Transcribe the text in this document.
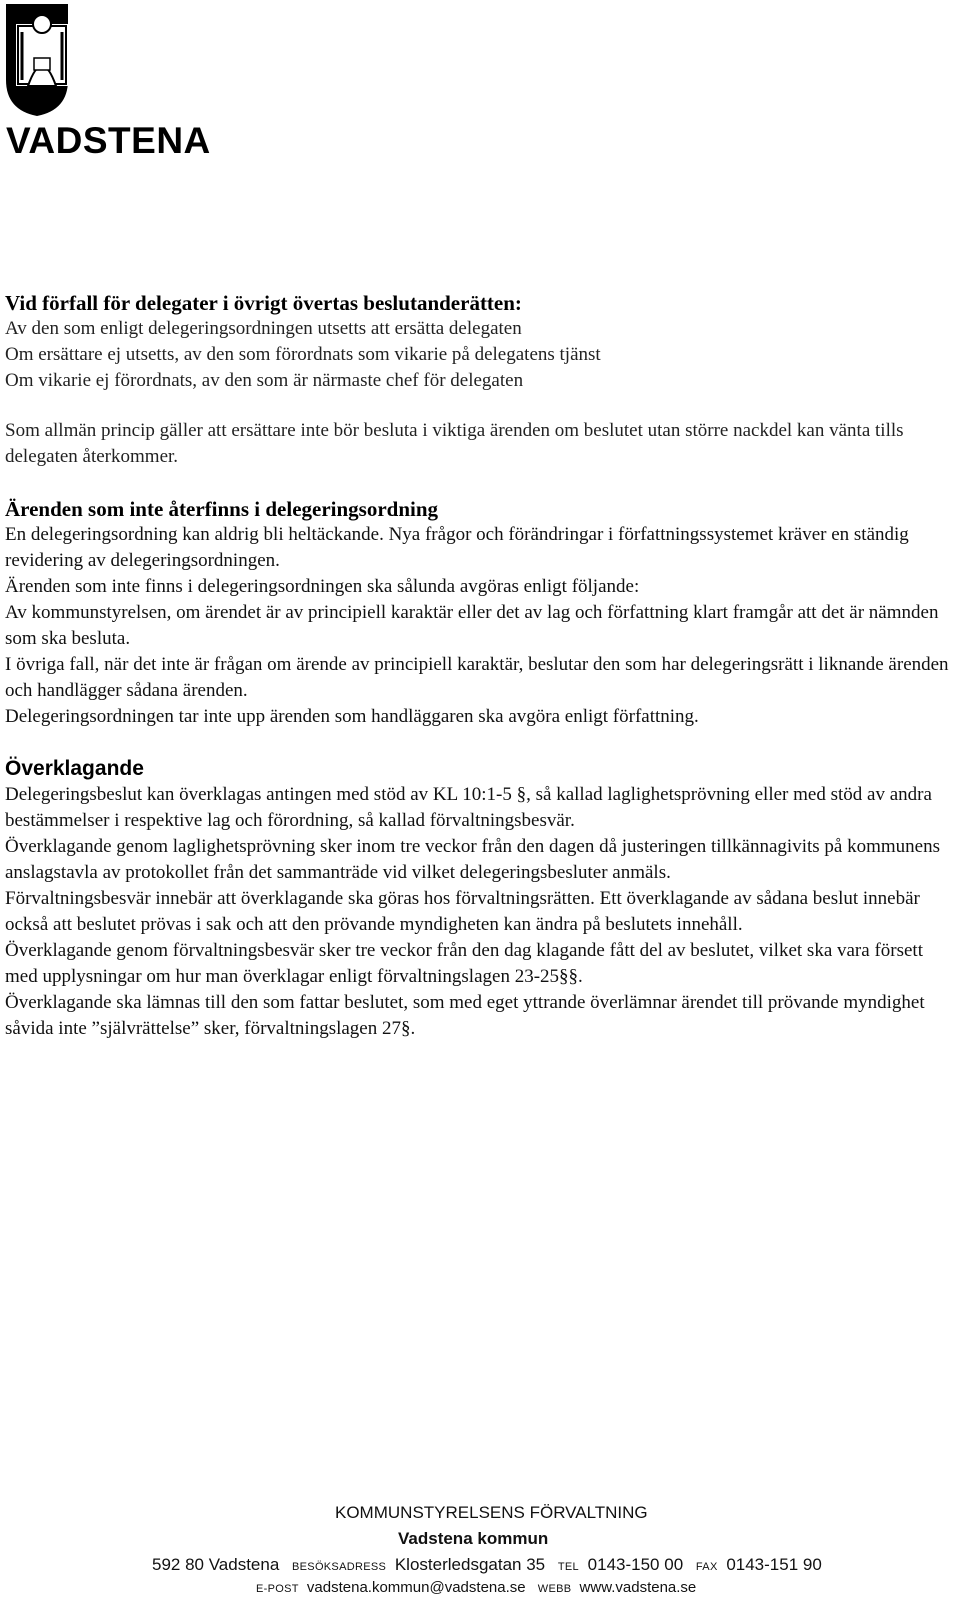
VADSTENA

Vid förfall för delegater i övrigt övertas beslutanderätten:

Av den som enligt delegeringsordningen utsetts att ersätta delegaten

Om ersättare ej utsetts, av den som förordnats som vikarie på delegatens tjänst

Om vikarie ej förordnats, av den som är närmaste chef för delegaten

Som allmän princip gäller att ersättare inte bör besluta i viktiga ärenden om beslutet utan större nackdel kan vänta tills delegaten återkommer.

Ärenden som inte återfinns i delegeringsordning

En delegeringsordning kan aldrig bli heltäckande. Nya frågor och förändringar i författningssystemet kräver en ständig revidering av delegeringsordningen.

Ärenden som inte finns i delegeringsordningen ska sålunda avgöras enligt följande:

Av kommunstyrelsen, om ärendet är av principiell karaktär eller det av lag och författning klart framgår att det är nämnden som ska besluta.

I övriga fall, när det inte är frågan om ärende av principiell karaktär, beslutar den som har delegeringsrätt i liknande ärenden och handlägger sådana ärenden.

Delegeringsordningen tar inte upp ärenden som handläggaren ska avgöra enligt författning.

Överklagande

Delegeringsbeslut kan överklagas antingen med stöd av KL 10:1-5 §, så kallad laglighetsprövning eller med stöd av andra bestämmelser i respektive lag och förordning, så kallad förvaltningsbesvär.

Överklagande genom laglighetsprövning sker inom tre veckor från den dagen då justeringen tillkännagivits på kommunens anslagstavla av protokollet från det sammanträde vid vilket delegeringsbesluter anmäls.

Förvaltningsbesvär innebär att överklagande ska göras hos förvaltningsrätten. Ett överklagande av sådana beslut innebär också att beslutet prövas i sak och att den prövande myndigheten kan ändra på beslutets innehåll.

Överklagande genom förvaltningsbesvär sker tre veckor från den dag klagande fått del av beslutet, vilket ska vara försett med upplysningar om hur man överklagar enligt förvaltningslagen 23-25§§.

Överklagande ska lämnas till den som fattar beslutet, som med eget yttrande överlämnar ärendet till prövande myndighet såvida inte ”självrättelse” sker, förvaltningslagen 27§.

KOMMUNSTYRELSENS FÖRVALTNING
Vadstena kommun
592 80 Vadstena BESÖKSADRESS Klosterledsgatan 35 TEL 0143-150 00 FAX 0143-151 90
E-POST vadstena.kommun@vadstena.se WEBB www.vadstena.se
